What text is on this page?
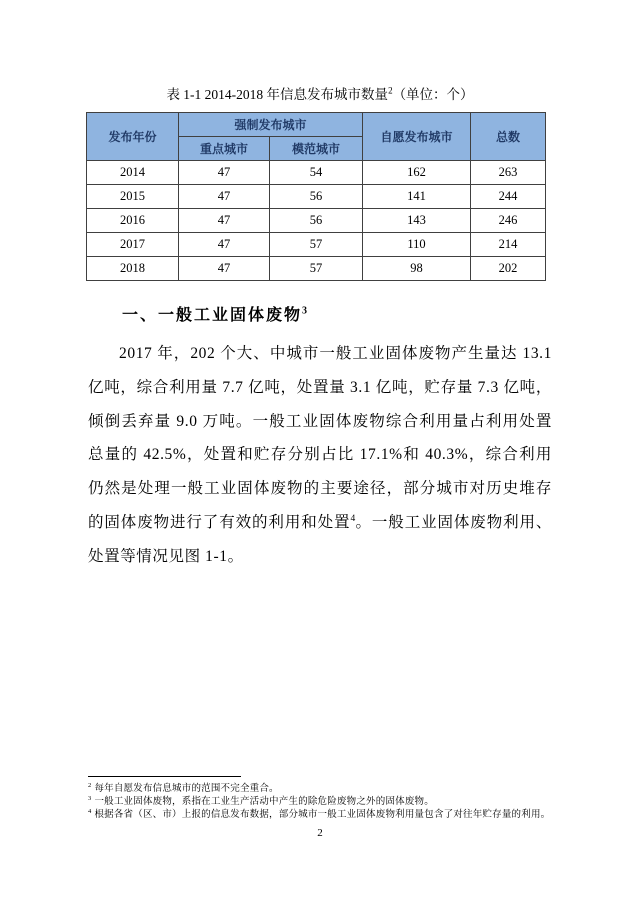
表 1-1 2014-2018 年信息发布城市数量$^2$（单位：个）
发布年份	强制发布城市		自愿发布城市	总数
	重点城市	模范城市		
2014	47	54	162	263
2015	47	56	141	244
2016	47	56	143	246
2017	47	57	110	214
2018	47	57	98	202
一、一般工业固体废物$^3$
2017 年，202 个大、中城市一般工业固体废物产生量达 13.1 亿吨，综合利用量 7.7 亿吨，处置量 3.1 亿吨，贮存量 7.3 亿吨，倾倒丢弃量 9.0 万吨。一般工业固体废物综合利用量占利用处置总量的 42.5%，处置和贮存分别占比 17.1%和 40.3%，综合利用仍然是处理一般工业固体废物的主要途径，部分城市对历史堆存的固体废物进行了有效的利用和处置$^4$。一般工业固体废物利用、处置等情况见图 1-1。
$^2$ 每年自愿发布信息城市的范围不完全重合。
$^3$ 一般工业固体废物，系指在工业生产活动中产生的除危险废物之外的固体废物。
$^4$ 根据各省（区、市）上报的信息发布数据，部分城市一般工业固体废物利用量包含了对往年贮存量的利用。
2
